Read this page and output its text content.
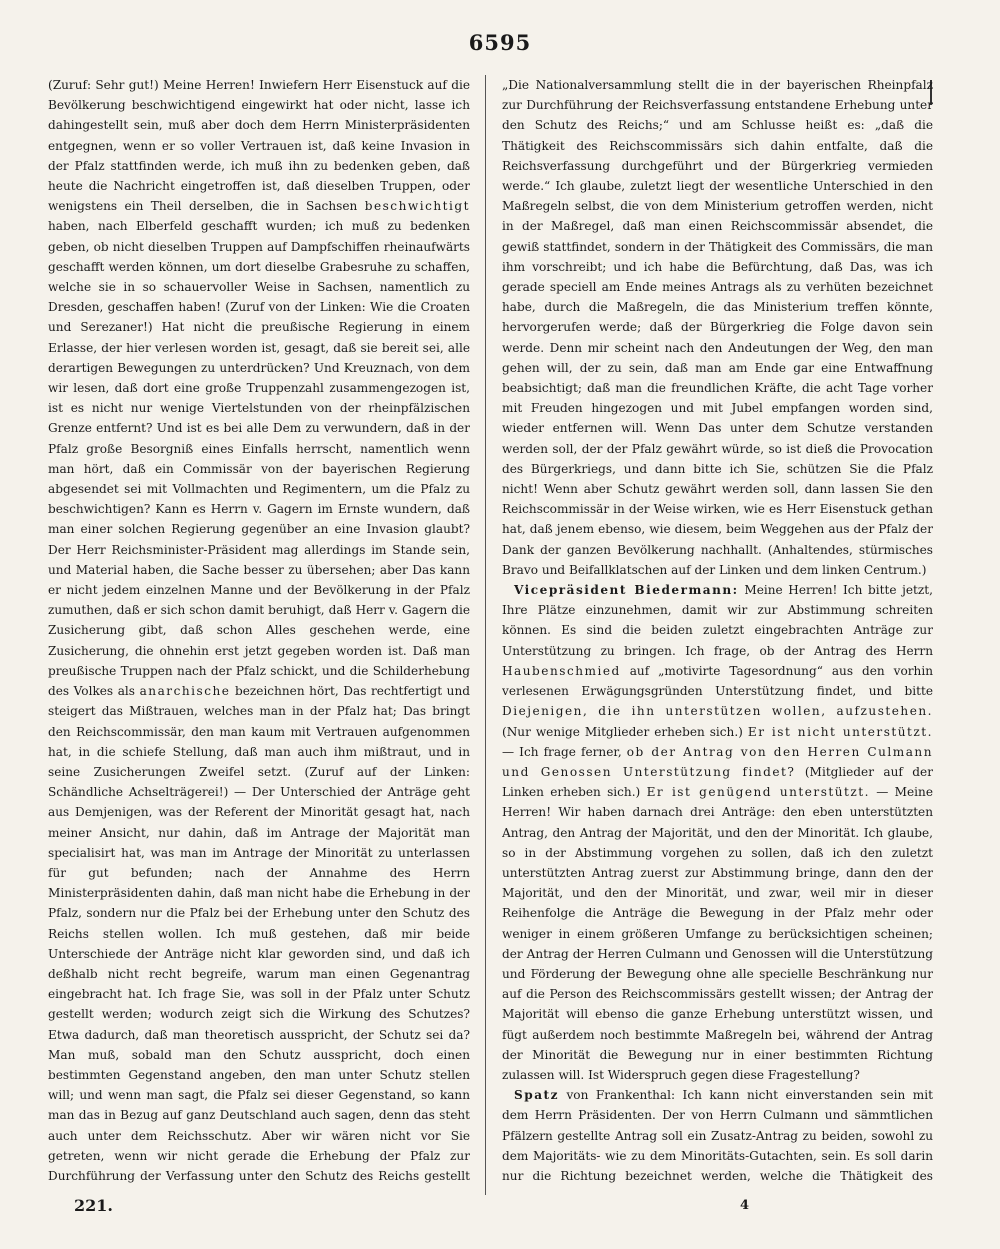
6595

(Zuruf: Sehr gut!) Meine Herren! Inwiefern Herr Eisenstuck auf die Bevölkerung beschwichtigend eingewirkt hat oder nicht, lasse ich dahingestellt sein, muß aber doch dem Herrn Ministerpräsidenten entgegnen, wenn er so voller Vertrauen ist, daß keine Invasion in der Pfalz stattfinden werde, ich muß ihn zu bedenken geben, daß heute die Nachricht eingetroffen ist, daß dieselben Truppen, oder wenigstens ein Theil derselben, die in Sachsen beschwichtigt haben, nach Elberfeld geschafft wurden; ich muß zu bedenken geben, ob nicht dieselben Truppen auf Dampfschiffen rheinaufwärts geschafft werden können, um dort dieselbe Grabesruhe zu schaffen, welche sie in so schauervoller Weise in Sachsen, namentlich zu Dresden, geschaffen haben! (Zuruf von der Linken: Wie die Croaten und Serezaner!) Hat nicht die preußische Regierung in einem Erlasse, der hier verlesen worden ist, gesagt, daß sie bereit sei, alle derartigen Bewegungen zu unterdrücken? Und Kreuznach, von dem wir lesen, daß dort eine große Truppenzahl zusammengezogen ist, ist es nicht nur wenige Viertelstunden von der rheinpfälzischen Grenze entfernt? Und ist es bei alle Dem zu verwundern, daß in der Pfalz große Besorgniß eines Einfalls herrscht, namentlich wenn man hört, daß ein Commissär von der bayerischen Regierung abgesendet sei mit Vollmachten und Regimentern, um die Pfalz zu beschwichtigen? Kann es Herrn v. Gagern im Ernste wundern, daß man einer solchen Regierung gegenüber an eine Invasion glaubt? Der Herr Reichsminister-Präsident mag allerdings im Stande sein, und Material haben, die Sache besser zu übersehen; aber Das kann er nicht jedem einzelnen Manne und der Bevölkerung in der Pfalz zumuthen, daß er sich schon damit beruhigt, daß Herr v. Gagern die Zusicherung gibt, daß schon Alles geschehen werde, eine Zusicherung, die ohnehin erst jetzt gegeben worden ist. Daß man preußische Truppen nach der Pfalz schickt, und die Schilderhebung des Volkes als anarchische bezeichnen hört, Das rechtfertigt und steigert das Mißtrauen, welches man in der Pfalz hat; Das bringt den Reichscommissär, den man kaum mit Vertrauen aufgenommen hat, in die schiefe Stellung, daß man auch ihm mißtraut, und in seine Zusicherungen Zweifel setzt. (Zuruf auf der Linken: Schändliche Achselträgerei!) — Der Unterschied der Anträge geht aus Demjenigen, was der Referent der Minorität gesagt hat, nach meiner Ansicht, nur dahin, daß im Antrage der Majorität man specialisirt hat, was man im Antrage der Minorität zu unterlassen für gut befunden; nach der Annahme des Herrn Ministerpräsidenten dahin, daß man nicht habe die Erhebung in der Pfalz, sondern nur die Pfalz bei der Erhebung unter den Schutz des Reichs stellen wollen. Ich muß gestehen, daß mir beide Unterschiede der Anträge nicht klar geworden sind, und daß ich deßhalb nicht recht begreife, warum man einen Gegenantrag eingebracht hat. Ich frage Sie, was soll in der Pfalz unter Schutz gestellt werden; wodurch zeigt sich die Wirkung des Schutzes? Etwa dadurch, daß man theoretisch ausspricht, der Schutz sei da? Man muß, sobald man den Schutz ausspricht, doch einen bestimmten Gegenstand angeben, den man unter Schutz stellen will; und wenn man sagt, die Pfalz sei dieser Gegenstand, so kann man das in Bezug auf ganz Deutschland auch sagen, denn das steht auch unter dem Reichsschutz. Aber wir wären nicht vor Sie getreten, wenn wir nicht gerade die Erhebung der Pfalz zur Durchführung der Verfassung unter den Schutz des Reichs gestellt

„Die Nationalversammlung stellt die in der bayerischen Rheinpfalz zur Durchführung der Reichsverfassung entstandene Erhebung unter den Schutz des Reichs;“ und am Schlusse heißt es: „daß die Thätigkeit des Reichscommissärs sich dahin entfalte, daß die Reichsverfassung durchgeführt und der Bürgerkrieg vermieden werde.“ Ich glaube, zuletzt liegt der wesentliche Unterschied in den Maßregeln selbst, die von dem Ministerium getroffen werden, nicht in der Maßregel, daß man einen Reichscommissär absendet, die gewiß stattfindet, sondern in der Thätigkeit des Commissärs, die man ihm vorschreibt; und ich habe die Befürchtung, daß Das, was ich gerade speciell am Ende meines Antrags als zu verhüten bezeichnet habe, durch die Maßregeln, die das Ministerium treffen könnte, hervorgerufen werde; daß der Bürgerkrieg die Folge davon sein werde. Denn mir scheint nach den Andeutungen der Weg, den man gehen will, der zu sein, daß man am Ende gar eine Entwaffnung beabsichtigt; daß man die freundlichen Kräfte, die acht Tage vorher mit Freuden hingezogen und mit Jubel empfangen worden sind, wieder entfernen will. Wenn Das unter dem Schutze verstanden werden soll, der der Pfalz gewährt würde, so ist dieß die Provocation des Bürgerkriegs, und dann bitte ich Sie, schützen Sie die Pfalz nicht! Wenn aber Schutz gewährt werden soll, dann lassen Sie den Reichscommissär in der Weise wirken, wie es Herr Eisenstuck gethan hat, daß jenem ebenso, wie diesem, beim Weggehen aus der Pfalz der Dank der ganzen Bevölkerung nachhallt. (Anhaltendes, stürmisches Bravo und Beifallklatschen auf der Linken und dem linken Centrum.)

Vicepräsident Biedermann: Meine Herren! Ich bitte jetzt, Ihre Plätze einzunehmen, damit wir zur Abstimmung schreiten können. Es sind die beiden zuletzt eingebrachten Anträge zur Unterstützung zu bringen. Ich frage, ob der Antrag des Herrn Haubenschmied auf „motivirte Tagesordnung“ aus den vorhin verlesenen Erwägungsgründen Unterstützung findet, und bitte Diejenigen, die ihn unterstützen wollen, aufzustehen. (Nur wenige Mitglieder erheben sich.) Er ist nicht unterstützt. — Ich frage ferner, ob der Antrag von den Herren Culmann und Genossen Unterstützung findet? (Mitglieder auf der Linken erheben sich.) Er ist genügend unterstützt. — Meine Herren! Wir haben darnach drei Anträge: den eben unterstützten Antrag, den Antrag der Majorität, und den der Minorität. Ich glaube, so in der Abstimmung vorgehen zu sollen, daß ich den zuletzt unterstützten Antrag zuerst zur Abstimmung bringe, dann den der Majorität, und den der Minorität, und zwar, weil mir in dieser Reihenfolge die Anträge die Bewegung in der Pfalz mehr oder weniger in einem größeren Umfange zu berücksichtigen scheinen; der Antrag der Herren Culmann und Genossen will die Unterstützung und Förderung der Bewegung ohne alle specielle Beschränkung nur auf die Person des Reichscommissärs gestellt wissen; der Antrag der Majorität will ebenso die ganze Erhebung unterstützt wissen, und fügt außerdem noch bestimmte Maßregeln bei, während der Antrag der Minorität die Bewegung nur in einer bestimmten Richtung zulassen will. Ist Widerspruch gegen diese Fragestellung?

Spatz von Frankenthal: Ich kann nicht einverstanden sein mit dem Herrn Präsidenten. Der von Herrn Culmann und sämmtlichen Pfälzern gestellte Antrag soll ein Zusatz-Antrag zu beiden, sowohl zu dem Majoritäts- wie zu dem Minoritäts-Gutachten, sein. Es soll darin nur die Richtung bezeichnet werden, welche die Thätigkeit des

221.	4
